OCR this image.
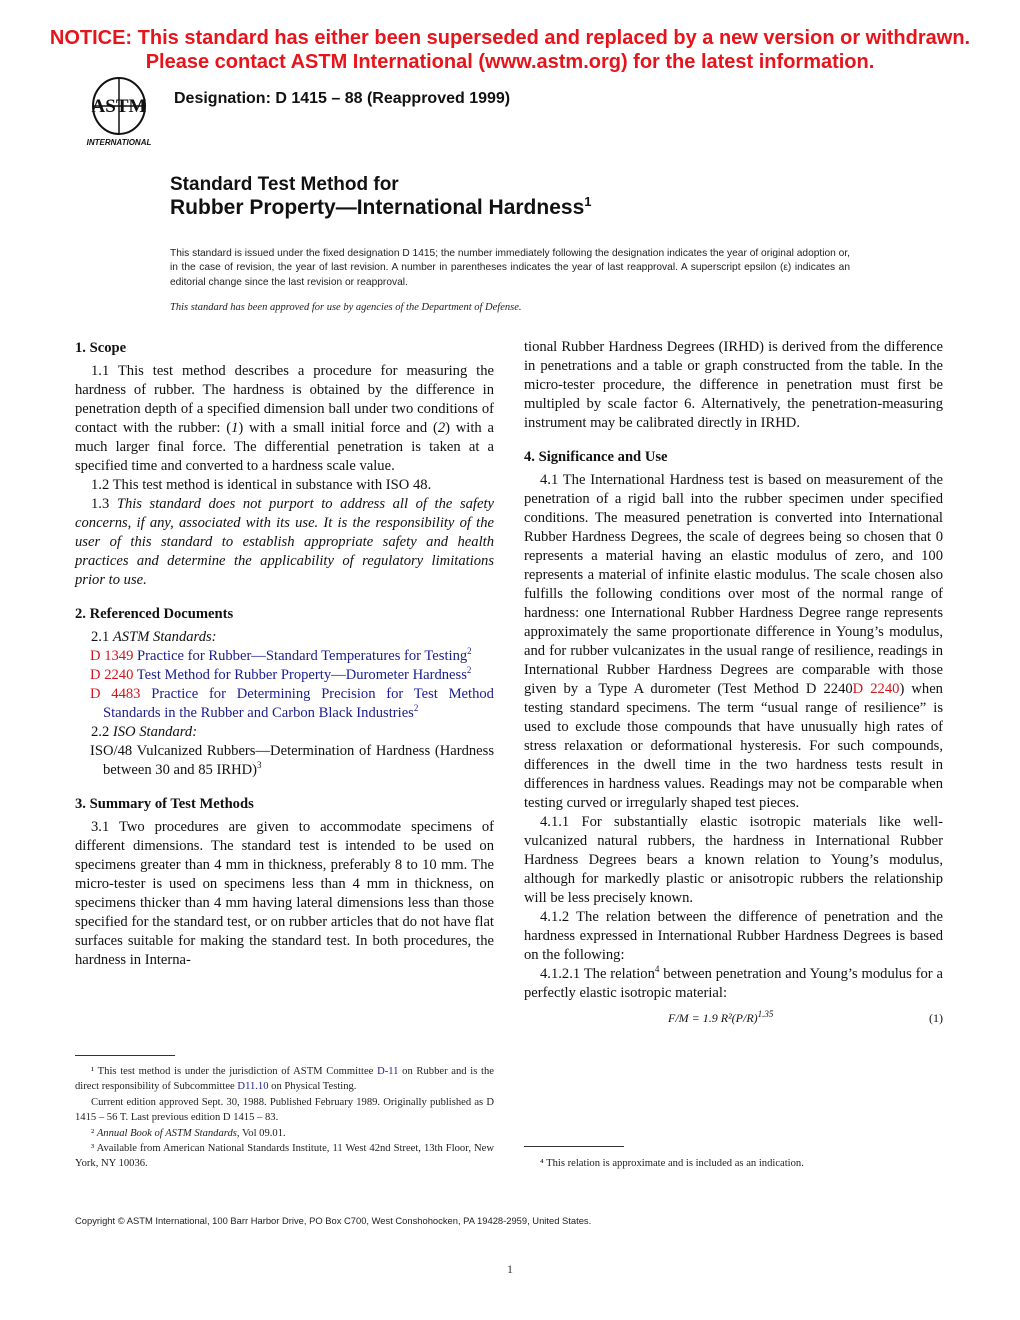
NOTICE: This standard has either been superseded and replaced by a new version or withdrawn.
Please contact ASTM International (www.astm.org) for the latest information.
ASTM
INTERNATIONAL
Designation: D 1415 – 88 (Reapproved 1999)
Standard Test Method for
Rubber Property—International Hardness$^1$
This standard is issued under the fixed designation D 1415; the number immediately following the designation indicates the year of original adoption or, in the case of revision, the year of last revision. A number in parentheses indicates the year of last reapproval. A superscript epsilon (ε) indicates an editorial change since the last revision or reapproval.
This standard has been approved for use by agencies of the Department of Defense.
1. Scope

1.1 This test method describes a procedure for measuring the hardness of rubber. The hardness is obtained by the difference in penetration depth of a specified dimension ball under two conditions of contact with the rubber: (1) with a small initial force and (2) with a much larger final force. The differential penetration is taken at a specified time and converted to a hardness scale value.

1.2 This test method is identical in substance with ISO 48.

1.3 This standard does not purport to address all of the safety concerns, if any, associated with its use. It is the responsibility of the user of this standard to establish appropriate safety and health practices and determine the applicability of regulatory limitations prior to use.

2. Referenced Documents

2.1 ASTM Standards:

D 1349 Practice for Rubber—Standard Temperatures for Testing$^2$

D 2240 Test Method for Rubber Property—Durometer Hardness$^2$

D 4483 Practice for Determining Precision for Test Method Standards in the Rubber and Carbon Black Industries$^2$

2.2 ISO Standard:

ISO/48 Vulcanized Rubbers—Determination of Hardness (Hardness between 30 and 85 IRHD)$^3$

3. Summary of Test Methods

3.1 Two procedures are given to accommodate specimens of different dimensions. The standard test is intended to be used on specimens greater than 4 mm in thickness, preferably 8 to 10 mm. The micro-tester is used on specimens less than 4 mm in thickness, on specimens thicker than 4 mm having lateral dimensions less than those specified for the standard test, or on rubber articles that do not have flat surfaces suitable for making the standard test. In both procedures, the hardness in Interna-

¹ This test method is under the jurisdiction of ASTM Committee D-11 on Rubber and is the direct responsibility of Subcommittee D11.10 on Physical Testing.

Current edition approved Sept. 30, 1988. Published February 1989. Originally published as D 1415 – 56 T. Last previous edition D 1415 – 83.

² Annual Book of ASTM Standards, Vol 09.01.

³ Available from American National Standards Institute, 11 West 42nd Street, 13th Floor, New York, NY 10036.

tional Rubber Hardness Degrees (IRHD) is derived from the difference in penetrations and a table or graph constructed from the table. In the micro-tester procedure, the difference in penetration must first be multipled by scale factor 6. Alternatively, the penetration-measuring instrument may be calibrated directly in IRHD.

4. Significance and Use

4.1 The International Hardness test is based on measurement of the penetration of a rigid ball into the rubber specimen under specified conditions. The measured penetration is converted into International Rubber Hardness Degrees, the scale of degrees being so chosen that 0 represents a material having an elastic modulus of zero, and 100 represents a material of infinite elastic modulus. The scale chosen also fulfills the following conditions over most of the normal range of hardness: one International Rubber Hardness Degree range represents approximately the same proportionate difference in Young’s modulus, and for rubber vulcanizates in the usual range of resilience, readings in International Rubber Hardness Degrees are comparable with those given by a Type A durometer (Test Method D 2240D 2240) when testing standard specimens. The term “usual range of resilience” is used to exclude those compounds that have unusually high rates of stress relaxation or deformational hysteresis. For such compounds, differences in the dwell time in the two hardness tests result in differences in hardness values. Readings may not be comparable when testing curved or irregularly shaped test pieces.

4.1.1 For substantially elastic isotropic materials like well-vulcanized natural rubbers, the hardness in International Rubber Hardness Degrees bears a known relation to Young’s modulus, although for markedly plastic or anisotropic rubbers the relationship will be less precisely known.

4.1.2 The relation between the difference of penetration and the hardness expressed in International Rubber Hardness Degrees is based on the following:

4.1.2.1 The relation$^4$ between penetration and Young’s modulus for a perfectly elastic isotropic material:

F/M = 1.9 $R^2(P/R)^{1.35}$	(1)

⁴ This relation is approximate and is included as an indication.

Copyright © ASTM International, 100 Barr Harbor Drive, PO Box C700, West Conshohocken, PA 19428-2959, United States.
1
